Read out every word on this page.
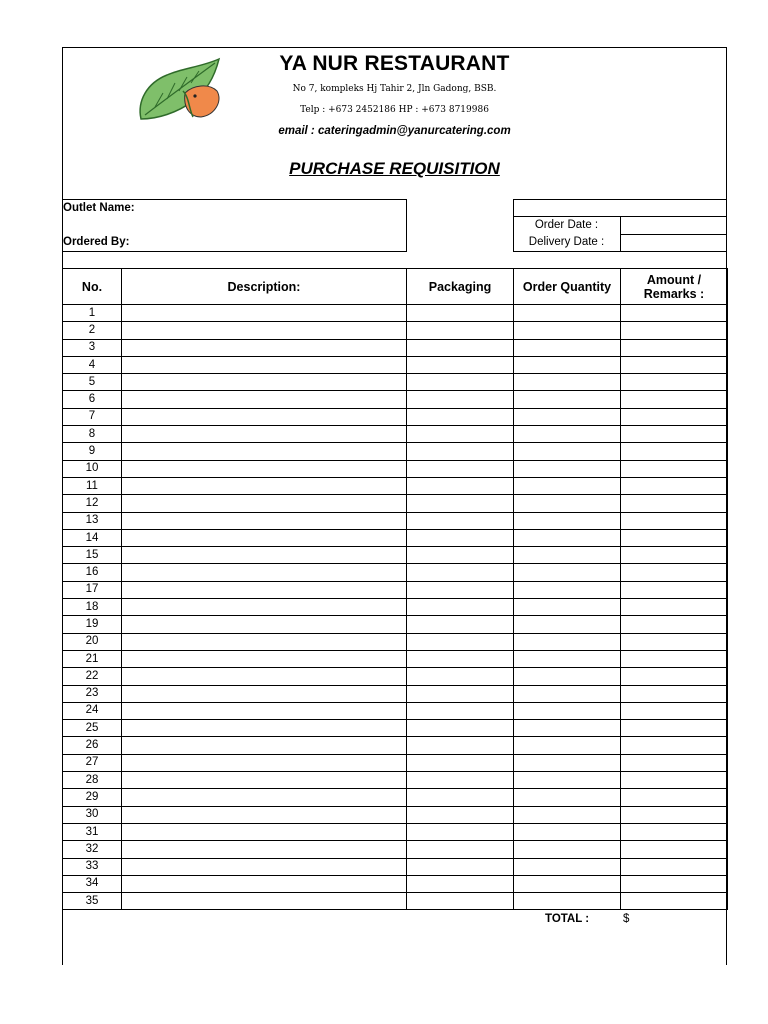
YA NUR RESTAURANT
No 7, kompleks Hj Tahir 2, Jln Gadong, BSB.
Telp : +673 2452186 HP : +673 8719986
email : cateringadmin@yanurcatering.com
PURCHASE REQUISITION
Outlet Name:
Ordered By:
Order Date :
Delivery Date :
No.	Description:	Packaging	Order Quantity	Amount / Remarks :
1				
2				
3				
4				
5				
6				
7				
8				
9				
10				
11				
12				
13				
14				
15				
16				
17				
18				
19				
20				
21				
22				
23				
24				
25				
26				
27				
28				
29				
30				
31				
32				
33				
34				
35				
TOTAL :	$
